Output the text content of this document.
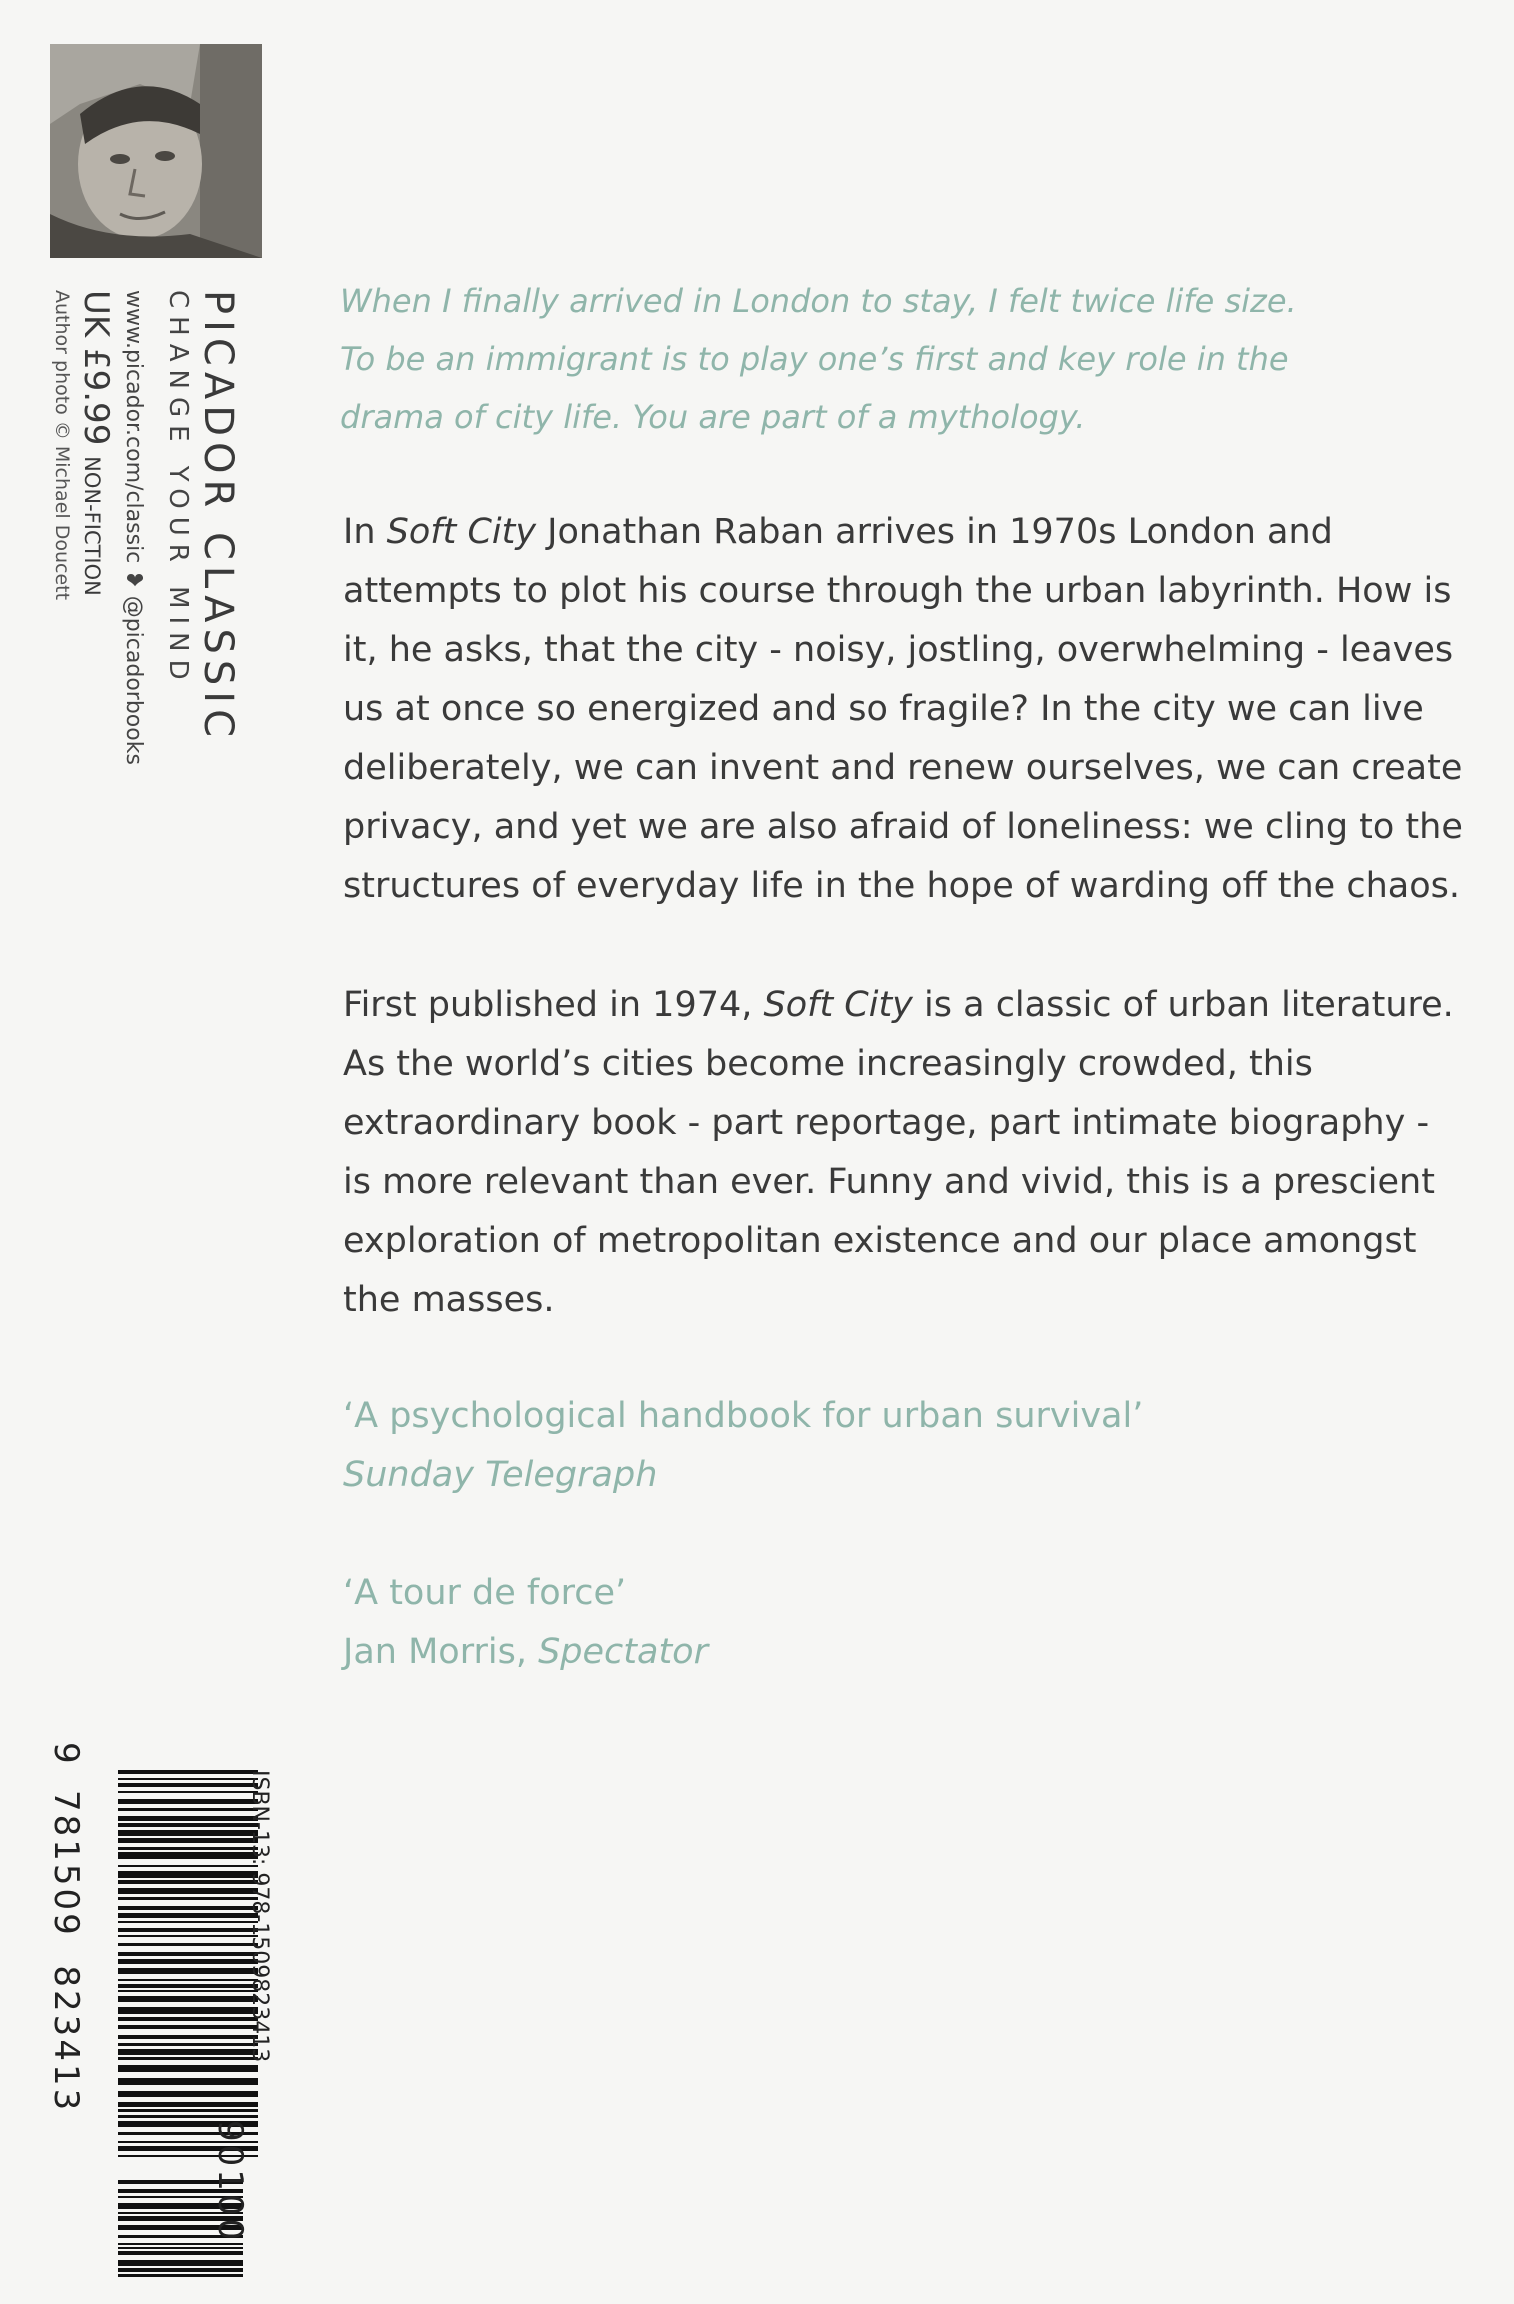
PICADOR CLASSIC
CHANGE YOUR MIND
www.picador.com/classic ❥ @picadorbooks
UK £9.99 NON-FICTION
Author photo © Michael Doucett	When I finally arrived in London to stay, I felt twice life size.
To be an immigrant is to play one’s first and key role in the
drama of city life. You are part of a mythology.
In Soft City Jonathan Raban arrives in 1970s London and attempts to plot his course through the urban labyrinth. How is it, he asks, that the city - noisy, jostling, overwhelming - leaves us at once so energized and so fragile? In the city we can live deliberately, we can invent and renew ourselves, we can create privacy, and yet we are also afraid of loneliness: we cling to the structures of everyday life in the hope of warding off the chaos.
First published in 1974, Soft City is a classic of urban literature. As the world’s cities become increasingly crowded, this extraordinary book - part reportage, part intimate biography - is more relevant than ever. Funny and vivid, this is a prescient exploration of metropolitan existence and our place amongst the masses.
‘A psychological handbook for urban survival’
Sunday Telegraph
‘A tour de force’
Jan Morris, Spectator
ISBN-13: 978-1509823413
9
781509  823413
90100
